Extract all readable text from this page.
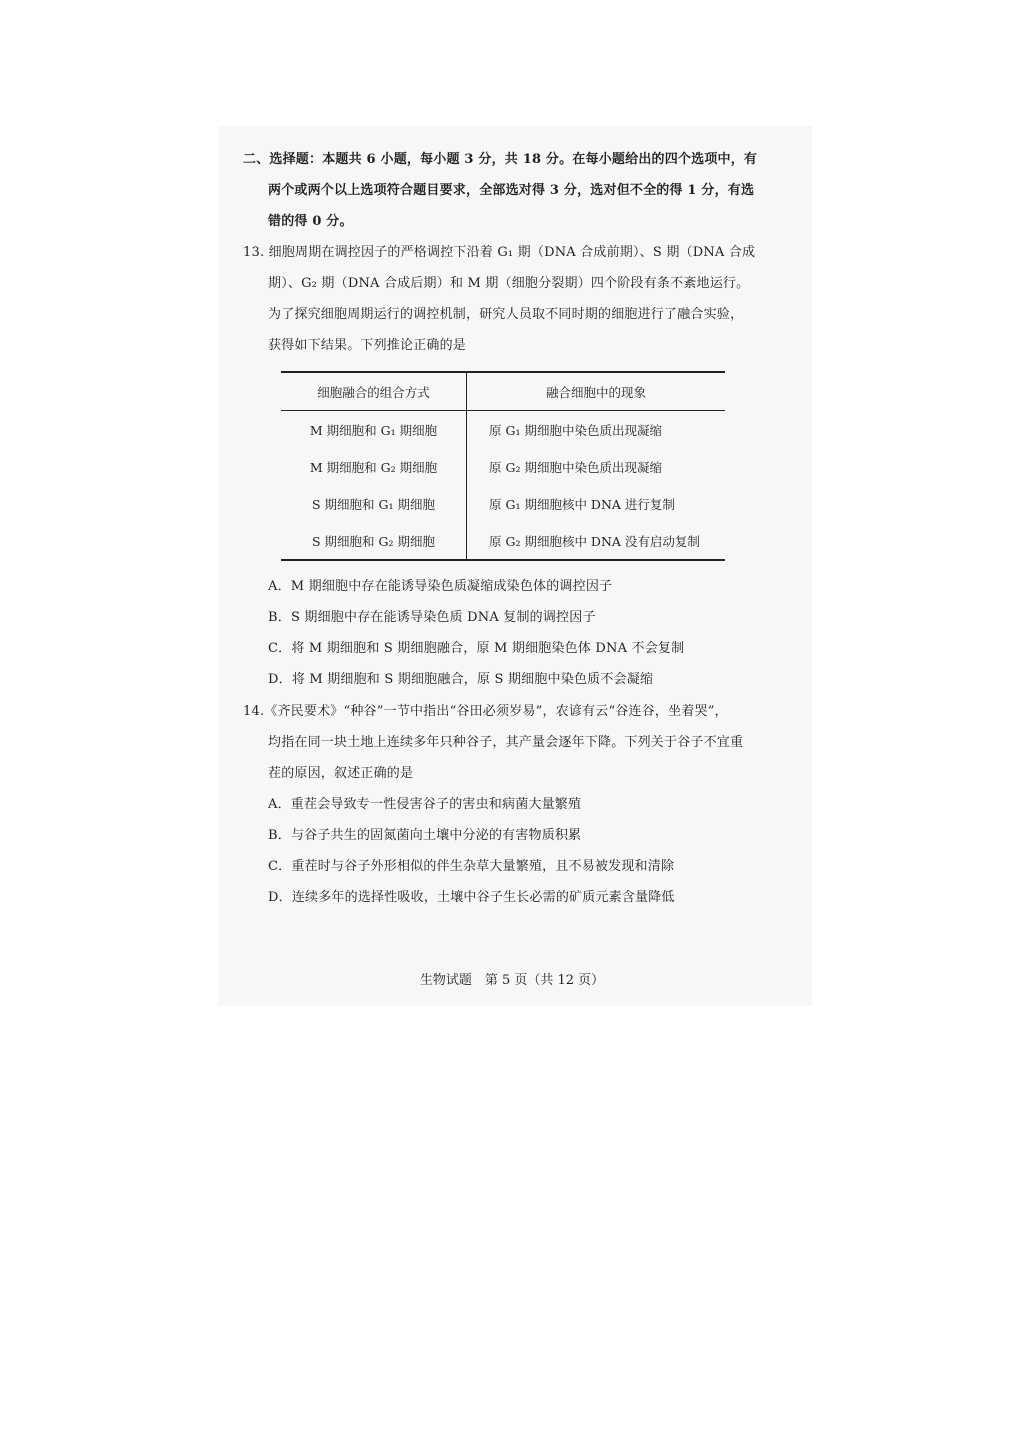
二、选择题：本题共 6 小题，每小题 3 分，共 18 分。在每小题给出的四个选项中，有
两个或两个以上选项符合题目要求，全部选对得 3 分，选对但不全的得 1 分，有选
错的得 0 分。
13. 细胞周期在调控因子的严格调控下沿着 G₁ 期（DNA 合成前期）、S 期（DNA 合成
期）、G₂ 期（DNA 合成后期）和 M 期（细胞分裂期）四个阶段有条不紊地运行。
为了探究细胞周期运行的调控机制，研究人员取不同时期的细胞进行了融合实验，
获得如下结果。下列推论正确的是
细胞融合的组合方式	融合细胞中的现象
M 期细胞和 G₁ 期细胞	原 G₁ 期细胞中染色质出现凝缩
M 期细胞和 G₂ 期细胞	原 G₂ 期细胞中染色质出现凝缩
S 期细胞和 G₁ 期细胞	原 G₁ 期细胞核中 DNA 进行复制
S 期细胞和 G₂ 期细胞	原 G₂ 期细胞核中 DNA 没有启动复制
A．M 期细胞中存在能诱导染色质凝缩成染色体的调控因子
B．S 期细胞中存在能诱导染色质 DNA 复制的调控因子
C．将 M 期细胞和 S 期细胞融合，原 M 期细胞染色体 DNA 不会复制
D．将 M 期细胞和 S 期细胞融合，原 S 期细胞中染色质不会凝缩
14.《齐民要术》“种谷”一节中指出“谷田必须岁易”，农谚有云“谷连谷，坐着哭”，
均指在同一块土地上连续多年只种谷子，其产量会逐年下降。下列关于谷子不宜重
茬的原因，叙述正确的是
A．重茬会导致专一性侵害谷子的害虫和病菌大量繁殖
B．与谷子共生的固氮菌向土壤中分泌的有害物质积累
C．重茬时与谷子外形相似的伴生杂草大量繁殖，且不易被发现和清除
D．连续多年的选择性吸收，土壤中谷子生长必需的矿质元素含量降低
生物试题　第 5 页（共 12 页）
